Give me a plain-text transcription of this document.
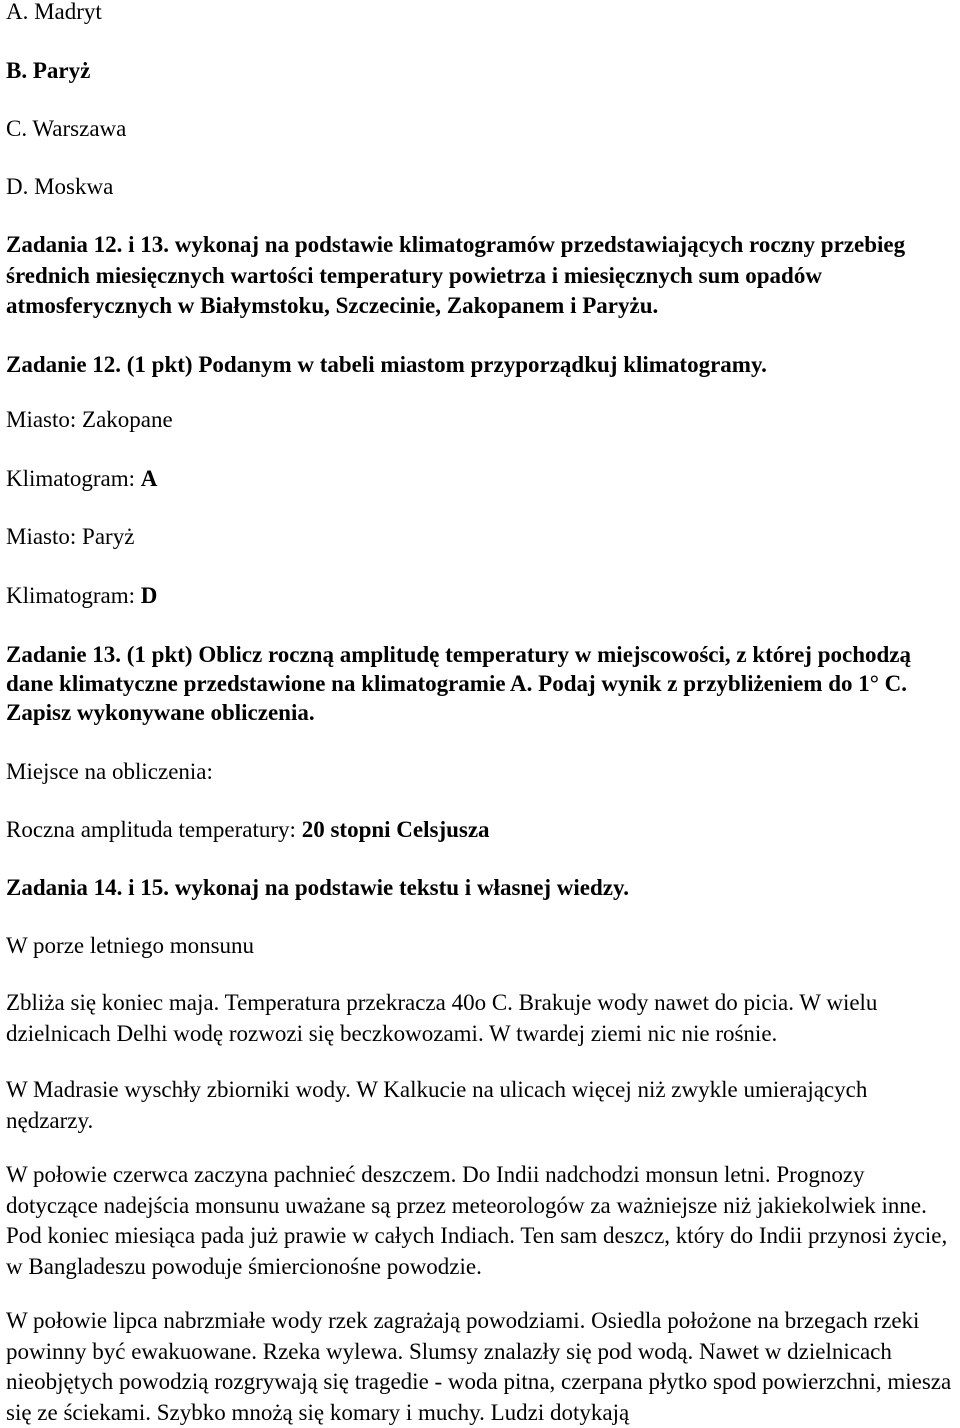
A. Madryt
B. Paryż
C. Warszawa
D. Moskwa
Zadania 12. i 13. wykonaj na podstawie klimatogramów przedstawiających roczny przebieg średnich miesięcznych wartości temperatury powietrza i miesięcznych sum opadów atmosferycznych w Białymstoku, Szczecinie, Zakopanem i Paryżu.
Zadanie 12. (1 pkt) Podanym w tabeli miastom przyporządkuj klimatogramy.
Miasto: Zakopane
Klimatogram: A
Miasto: Paryż
Klimatogram: D
Zadanie 13. (1 pkt) Oblicz roczną amplitudę temperatury w miejscowości, z której pochodzą dane klimatyczne przedstawione na klimatogramie A. Podaj wynik z przybliżeniem do 1° C. Zapisz wykonywane obliczenia.
Miejsce na obliczenia:
Roczna amplituda temperatury: 20 stopni Celsjusza
Zadania 14. i 15. wykonaj na podstawie tekstu i własnej wiedzy.
W porze letniego monsunu
Zbliża się koniec maja. Temperatura przekracza 40o C. Brakuje wody nawet do picia. W wielu dzielnicach Delhi wodę rozwozi się beczkowozami. W twardej ziemi nic nie rośnie.
W Madrasie wyschły zbiorniki wody. W Kalkucie na ulicach więcej niż zwykle umierających nędzarzy.
W połowie czerwca zaczyna pachnieć deszczem. Do Indii nadchodzi monsun letni. Prognozy dotyczące nadejścia monsunu uważane są przez meteorologów za ważniejsze niż jakiekolwiek inne. Pod koniec miesiąca pada już prawie w całych Indiach. Ten sam deszcz, który do Indii przynosi życie, w Bangladeszu powoduje śmiercionośne powodzie.
W połowie lipca nabrzmiałe wody rzek zagrażają powodziami. Osiedla położone na brzegach rzeki powinny być ewakuowane. Rzeka wylewa. Slumsy znalazły się pod wodą. Nawet w dzielnicach nieobjętych powodzią rozgrywają się tragedie - woda pitna, czerpana płytko spod powierzchni, miesza się ze ściekami. Szybko mnożą się komary i muchy. Ludzi dotykają
